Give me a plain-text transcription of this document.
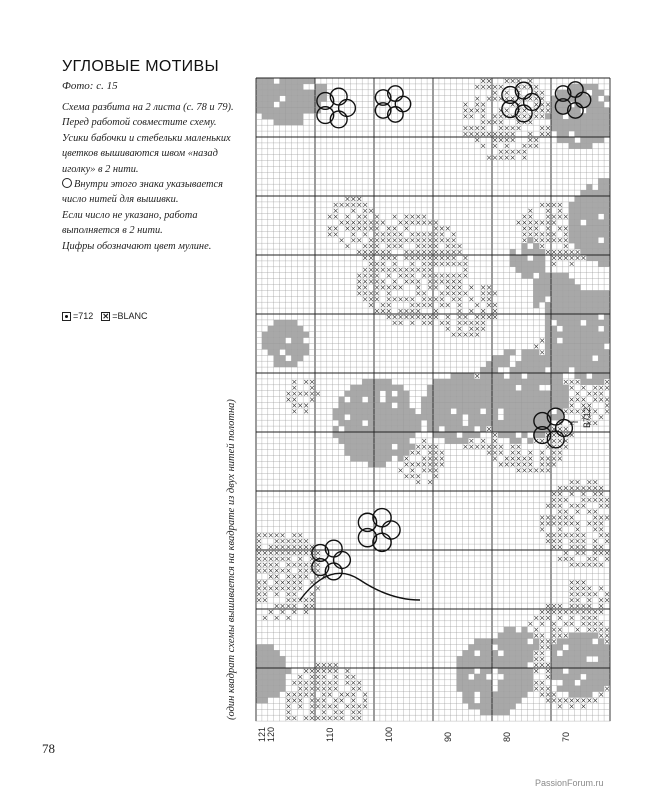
УГЛОВЫЕ МОТИВЫ
Фото: с. 15

Схема разбита на 2 листа (с. 78 и 79). Перед работой совместите схему.

Усики бабочки и стебельки маленьких цветков вышиваются швом «назад иголку» в 2 нити.

Внутри этого знака указывается число нитей для вышивки.

Если число не указано, работа выполняется в 2 нити.

Цифры обозначают цвет мулине.

=712 ✕ =BLANC
(один квадрат схемы вышивается на квадрате из двух нитей полотна)	B712
121 120	110	100	90	80	70
78
PassionForum.ru
